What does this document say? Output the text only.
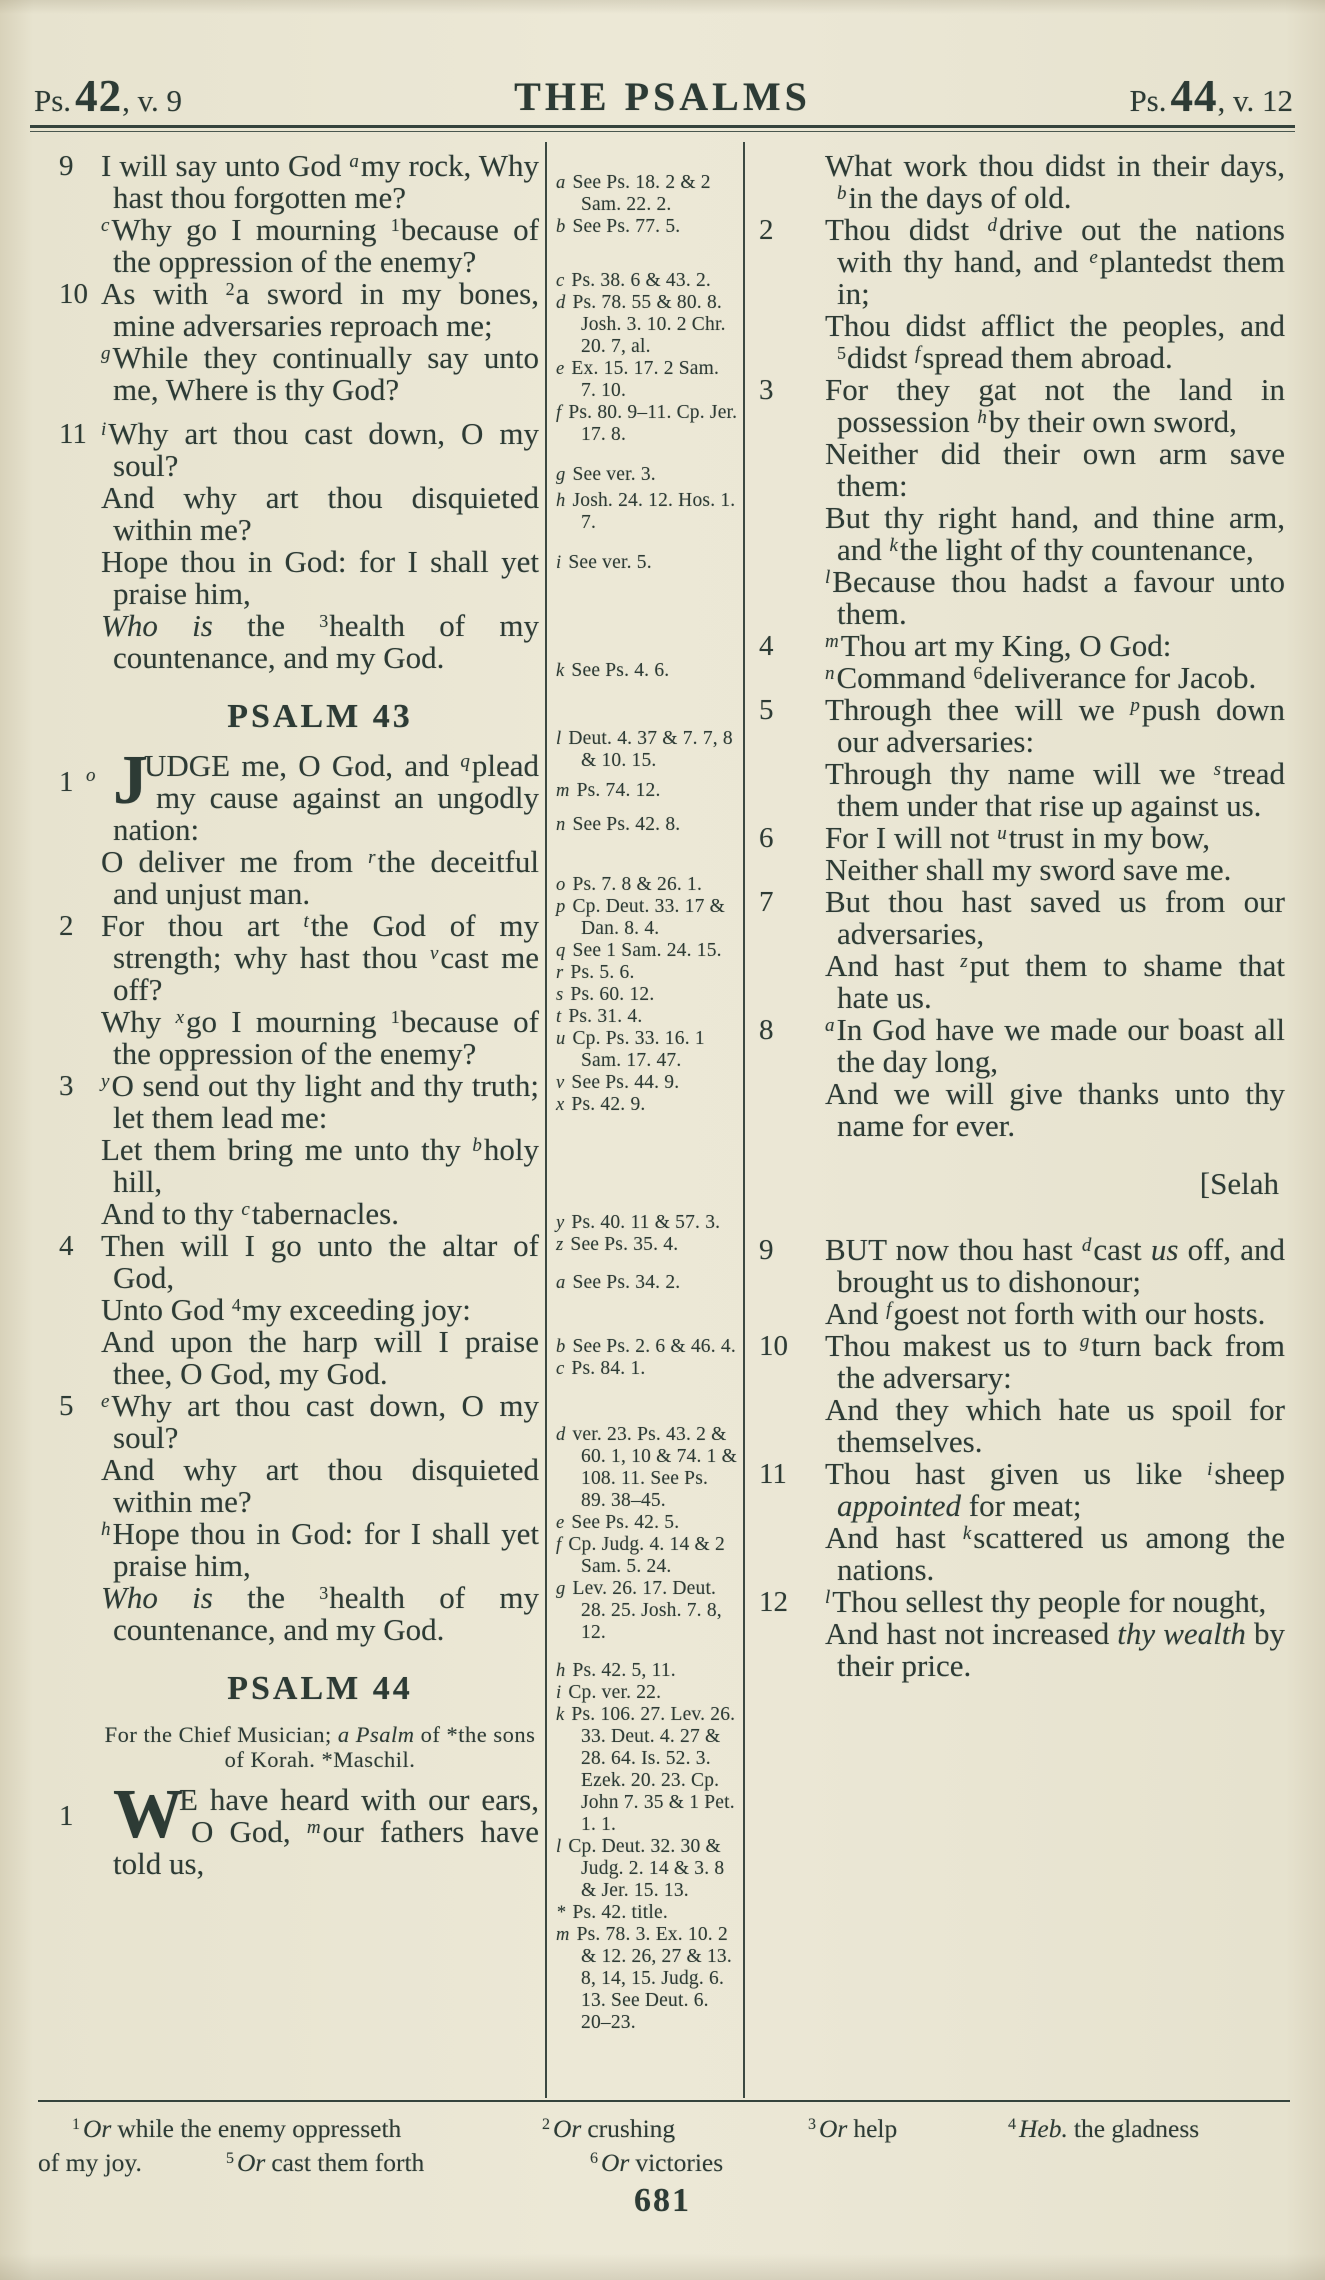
Ps. 42, v. 9	THE PSALMS	Ps. 44, v. 12
9 I will say unto God $^a$my rock, Why hast thou forgotten me?
$^c$Why go I mourning $^1$because of the oppression of the enemy?
10 As with $^2$a sword in my bones, mine adversaries reproach me;
$^g$While they continually say unto me, Where is thy God?
11 $^i$Why art thou cast down, O my soul?
And why art thou disquieted within me?
Hope thou in God: for I shall yet praise him,
Who is the $^3$health of my countenance, and my God.
PSALM 43
1 o J
UDGE me, O God, and $^q$plead my cause against an ungodly nation:
O deliver me from $^r$the deceitful and unjust man.
2 For thou art $^t$the God of my strength; why hast thou $^v$cast me off?
Why $^x$go I mourning $^1$because of the oppression of the enemy?
3	$^y$O send out thy light and thy truth; let them lead me:
Let them bring me unto thy $^b$holy hill,
And to thy $^c$tabernacles.
4 Then will I go unto the altar of God,
Unto God $^4$my exceeding joy:
And upon the harp will I praise thee, O God, my God.
5	$^e$Why art thou cast down, O my soul?
And why art thou disquieted within me?
$^h$Hope thou in God: for I shall yet praise him,
Who is the $^3$health of my countenance, and my God.
PSALM 44
For the Chief Musician; a Psalm of *the sons of Korah. *Maschil.
1 W
E have heard with our ears, O God, $^m$our fathers have told us,
a See Ps. 18. 2 & 2 Sam. 22. 2.
b See Ps. 77. 5.
c Ps. 38. 6 & 43. 2.
d Ps. 78. 55 & 80. 8. Josh. 3. 10. 2 Chr. 20. 7, al.
e Ex. 15. 17. 2 Sam. 7. 10.
f Ps. 80. 9–11. Cp. Jer. 17. 8.
g See ver. 3.
h Josh. 24. 12. Hos. 1. 7.
i See ver. 5.
k See Ps. 4. 6.
l Deut. 4. 37 & 7. 7, 8 & 10. 15.
m Ps. 74. 12.
n See Ps. 42. 8.
o Ps. 7. 8 & 26. 1.
p Cp. Deut. 33. 17 & Dan. 8. 4.
q See 1 Sam. 24. 15.
r Ps. 5. 6.
s Ps. 60. 12.
t Ps. 31. 4.
u Cp. Ps. 33. 16. 1 Sam. 17. 47.
v See Ps. 44. 9.
x Ps. 42. 9.
y Ps. 40. 11 & 57. 3.
z See Ps. 35. 4.
a See Ps. 34. 2.
b See Ps. 2. 6 & 46. 4.
c Ps. 84. 1.
d ver. 23. Ps. 43. 2 & 60. 1, 10 & 74. 1 & 108. 11. See Ps. 89. 38–45.
e See Ps. 42. 5.
f Cp. Judg. 4. 14 & 2 Sam. 5. 24.
g Lev. 26. 17. Deut. 28. 25. Josh. 7. 8, 12.
h Ps. 42. 5, 11.
i Cp. ver. 22.
k Ps. 106. 27. Lev. 26. 33. Deut. 4. 27 & 28. 64. Is. 52. 3. Ezek. 20. 23. Cp. John 7. 35 & 1 Pet. 1. 1.
l Cp. Deut. 32. 30 & Judg. 2. 14 & 3. 8 & Jer. 15. 13.
* Ps. 42. title.
m Ps. 78. 3. Ex. 10. 2 & 12. 26, 27 & 13. 8, 14, 15. Judg. 6. 13. See Deut. 6. 20–23.
What work thou didst in their days, $^b$in the days of old.
2	Thou didst $^d$drive out the nations with thy hand, and $^e$plantedst them in;
Thou didst afflict the peoples, and $^5$didst $^f$spread them abroad.
3	For they gat not the land in possession $^h$by their own sword,
Neither did their own arm save them:
But thy right hand, and thine arm, and $^k$the light of thy countenance,
$^l$Because thou hadst a favour unto them.
4	$^m$Thou art my King, O God:
$^n$Command $^6$deliverance for Jacob.
5	Through thee will we $^p$push down our adversaries:
Through thy name will we $^s$tread them under that rise up against us.
6	For I will not $^u$trust in my bow,
Neither shall my sword save me.
7	But thou hast saved us from our adversaries,
And hast $^z$put them to shame that hate us.
8	$^a$In God have we made our boast all the day long,
And we will give thanks unto thy name for ever.
[Selah
9	BUT now thou hast $^d$cast us off, and brought us to dishonour;
And $^f$goest not forth with our hosts.
10	Thou makest us to $^g$turn back from the adversary:
And they which hate us spoil for themselves.
11	Thou hast given us like $^i$sheep appointed for meat;
And hast $^k$scattered us among the nations.
12	$^l$Thou sellest thy people for nought,
And hast not increased thy wealth by their price.
$^1$ Or while the enemy oppresseth	$^2$ Or crushing	$^3$ Or help	$^4$ Heb. the gladness
of my joy.	$^5$ Or cast them forth	$^6$ Or victories
681
